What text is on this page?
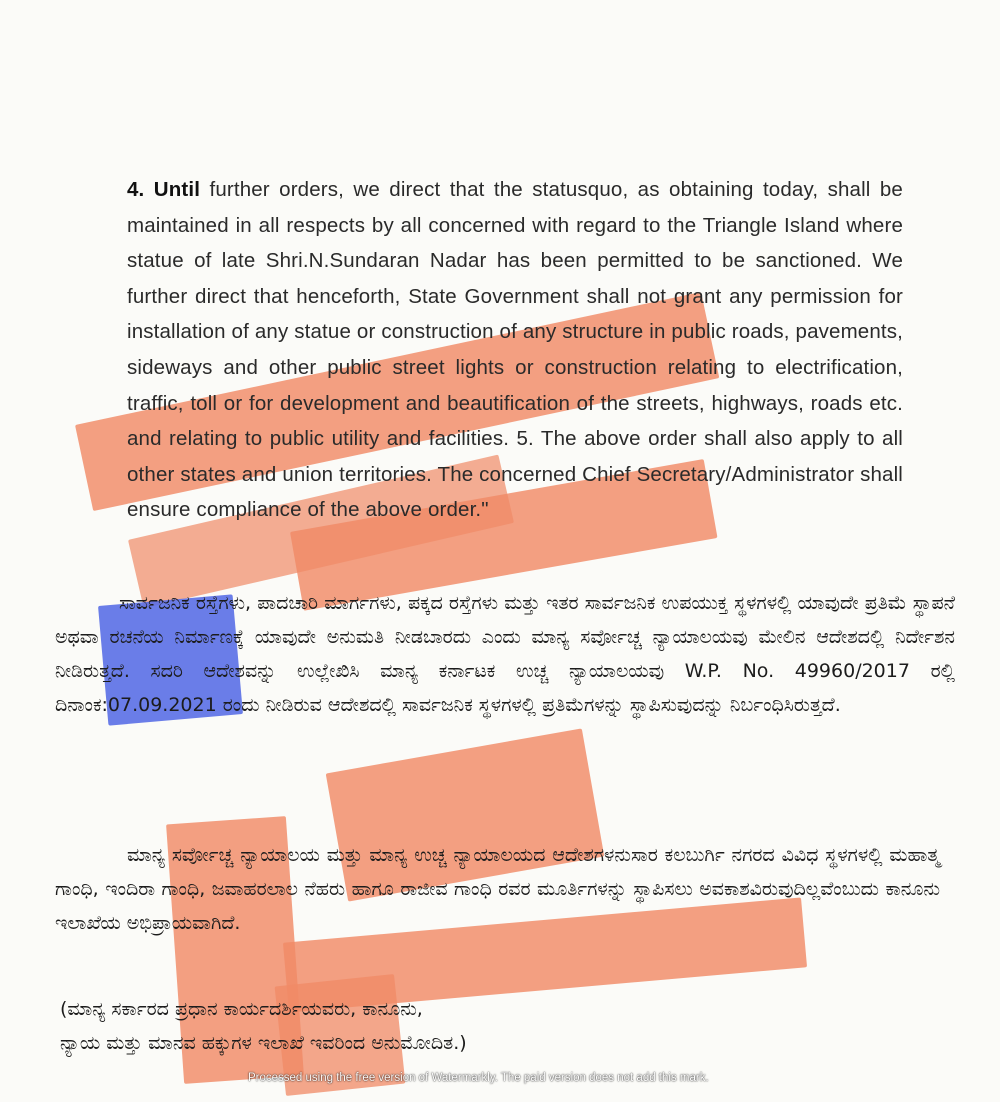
4. Until further orders, we direct that the statusquo, as obtaining today, shall be maintained in all respects by all concerned with regard to the Triangle Island where statue of late Shri.N.Sundaran Nadar has been permitted to be sanctioned. We further direct that henceforth, State Government shall not grant any permission for installation of any statue or construction of any structure in public roads, pavements, sideways and other public street lights or construction relating to electrification, traffic, toll or for development and beautification of the streets, highways, roads etc. and relating to public utility and facilities. 5. The above order shall also apply to all other states and union territories. The concerned Chief Secretary/Administrator shall ensure compliance of the above order."

ಸಾರ್ವಜನಿಕ ರಸ್ತೆಗಳು, ಪಾದಚಾರಿ ಮಾರ್ಗಗಳು, ಪಕ್ಕದ ರಸ್ತೆಗಳು ಮತ್ತು ಇತರ ಸಾರ್ವಜನಿಕ ಉಪಯುಕ್ತ ಸ್ಥಳಗಳಲ್ಲಿ ಯಾವುದೇ ಪ್ರತಿಮೆ ಸ್ಥಾಪನೆ ಅಥವಾ ರಚನೆಯ ನಿರ್ಮಾಣಕ್ಕೆ ಯಾವುದೇ ಅನುಮತಿ ನೀಡಬಾರದು ಎಂದು ಮಾನ್ಯ ಸರ್ವೋಚ್ಚ ನ್ಯಾಯಾಲಯವು ಮೇಲಿನ ಆದೇಶದಲ್ಲಿ ನಿರ್ದೇಶನ ನೀಡಿರುತ್ತದೆ. ಸದರಿ ಆದೇಶವನ್ನು ಉಲ್ಲೇಖಿಸಿ ಮಾನ್ಯ ಕರ್ನಾಟಕ ಉಚ್ಚ ನ್ಯಾಯಾಲಯವು W.P. No. 49960/2017 ರಲ್ಲಿ ದಿನಾಂಕ:07.09.2021 ರಂದು ನೀಡಿರುವ ಆದೇಶದಲ್ಲಿ ಸಾರ್ವಜನಿಕ ಸ್ಥಳಗಳಲ್ಲಿ ಪ್ರತಿಮೆಗಳನ್ನು ಸ್ಥಾಪಿಸುವುದನ್ನು ನಿರ್ಬಂಧಿಸಿರುತ್ತದೆ.

ಮಾನ್ಯ ಸರ್ವೋಚ್ಚ ನ್ಯಾಯಾಲಯ ಮತ್ತು ಮಾನ್ಯ ಉಚ್ಚ ನ್ಯಾಯಾಲಯದ ಆದೇಶಗಳನುಸಾರ ಕಲಬುರ್ಗಿ ನಗರದ ವಿವಿಧ ಸ್ಥಳಗಳಲ್ಲಿ ಮಹಾತ್ಮ ಗಾಂಧಿ, ಇಂದಿರಾ ಗಾಂಧಿ, ಜವಾಹರಲಾಲ ನೆಹರು ಹಾಗೂ ರಾಜೀವ ಗಾಂಧಿ ರವರ ಮೂರ್ತಿಗಳನ್ನು ಸ್ಥಾಪಿಸಲು ಅವಕಾಶವಿರುವುದಿಲ್ಲವೆಂಬುದು ಕಾನೂನು ಇಲಾಖೆಯ ಅಭಿಪ್ರಾಯವಾಗಿದೆ.

(ಮಾನ್ಯ ಸರ್ಕಾರದ ಪ್ರಧಾನ ಕಾರ್ಯದರ್ಶಿಯವರು, ಕಾನೂನು,
ನ್ಯಾಯ ಮತ್ತು ಮಾನವ ಹಕ್ಕುಗಳ ಇಲಾಖೆ ಇವರಿಂದ ಅನುಮೋದಿತ.)
Processed using the free version of Watermarkly. The paid version does not add this mark.
